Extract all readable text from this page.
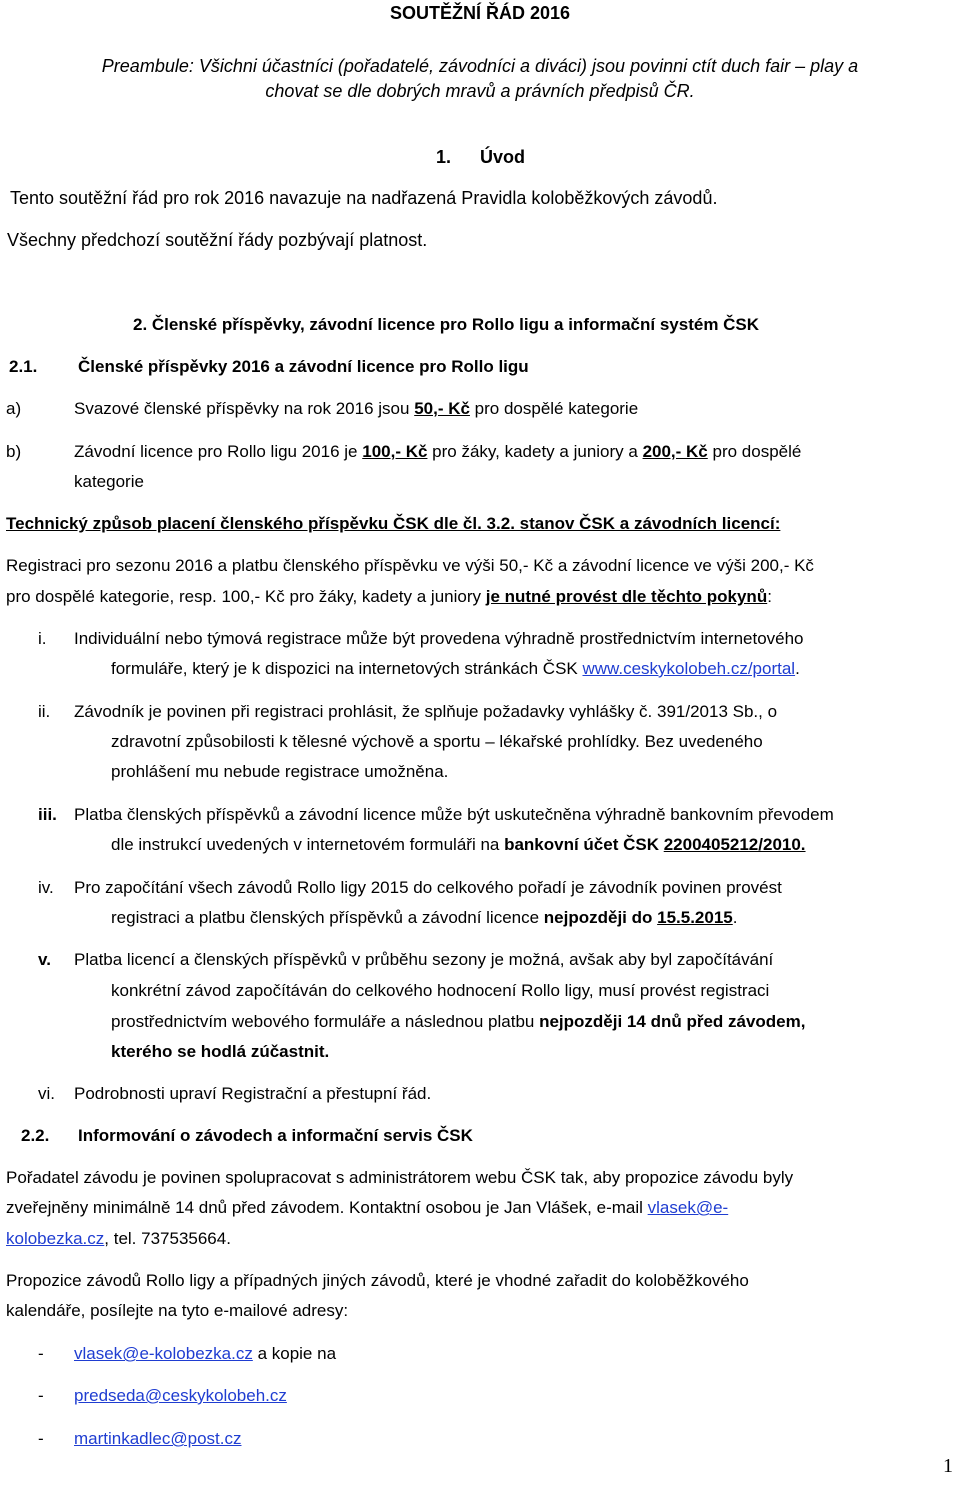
SOUTĚŽNÍ ŘÁD 2016
Preambule: Všichni účastníci (pořadatelé, závodníci a diváci) jsou povinni ctít duch fair – play a
chovat se dle dobrých mravů a právních předpisů ČR.
1. Úvod
Tento soutěžní řád pro rok 2016 navazuje na nadřazená Pravidla koloběžkových závodů.
Všechny předchozí soutěžní řády pozbývají platnost.
2. Členské příspěvky, závodní licence pro Rollo ligu a informační systém ČSK
2.1. Členské příspěvky 2016 a závodní licence pro Rollo ligu
a)	Svazové členské příspěvky na rok 2016 jsou 50,- Kč pro dospělé kategorie
b)	Závodní licence pro Rollo ligu 2016 je 100,- Kč pro žáky, kadety a juniory a 200,- Kč pro dospělé
kategorie
Technický způsob placení členského příspěvku ČSK dle čl. 3.2. stanov ČSK a závodních licencí:
Registraci pro sezonu 2016 a platbu členského příspěvku ve výši 50,- Kč a závodní licence ve výši 200,- Kč
pro dospělé kategorie, resp. 100,- Kč pro žáky, kadety a juniory je nutné provést dle těchto pokynů:
i. Individuální nebo týmová registrace může být provedena výhradně prostřednictvím internetového
formuláře, který je k dispozici na internetových stránkách ČSK www.ceskykolobeh.cz/portal.
ii. Závodník je povinen při registraci prohlásit, že splňuje požadavky vyhlášky č. 391/2013 Sb., o
zdravotní způsobilosti k tělesné výchově a sportu – lékařské prohlídky. Bez uvedeného
prohlášení mu nebude registrace umožněna.
iii. Platba členských příspěvků a závodní licence může být uskutečněna výhradně bankovním převodem
dle instrukcí uvedených v internetovém formuláři na bankovní účet ČSK 2200405212/2010.
iv. Pro započítání všech závodů Rollo ligy 2015 do celkového pořadí je závodník povinen provést
registraci a platbu členských příspěvků a závodní licence nejpozději do 15.5.2015.
v. Platba licencí a členských příspěvků v průběhu sezony je možná, avšak aby byl započítávání
konkrétní závod započítáván do celkového hodnocení Rollo ligy, musí provést registraci
prostřednictvím webového formuláře a následnou platbu nejpozději 14 dnů před závodem,
kterého se hodlá zúčastnit.
vi. Podrobnosti upraví Registrační a přestupní řád.
2.2. Informování o závodech a informační servis ČSK
Pořadatel závodu je povinen spolupracovat s administrátorem webu ČSK tak, aby propozice závodu byly
zveřejněny minimálně 14 dnů před závodem. Kontaktní osobou je Jan Vlášek, e-mail vlasek@e-
kolobezka.cz, tel. 737535664.
Propozice závodů Rollo ligy a případných jiných závodů, které je vhodné zařadit do koloběžkového
kalendáře, posílejte na tyto e-mailové adresy:
- vlasek@e-kolobezka.cz a kopie na
- predseda@ceskykolobeh.cz
- martinkadlec@post.cz
1
